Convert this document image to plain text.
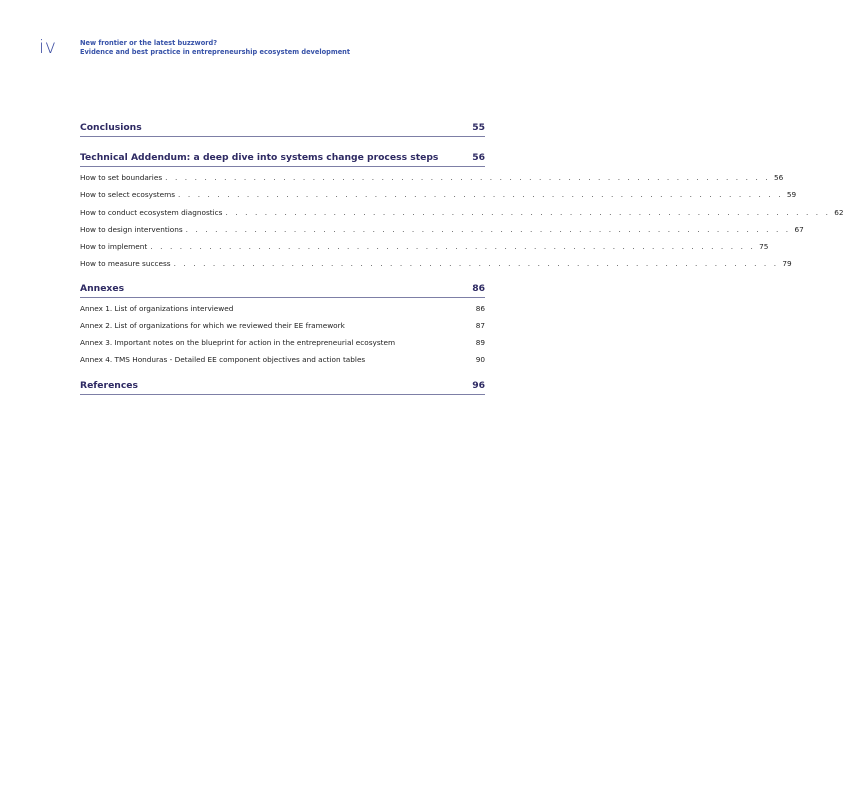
iv	New frontier or the latest buzzword?
Evidence and best practice in entrepreneurship ecosystem development
Conclusions	55
Technical Addendum: a deep dive into systems change process steps	56
How to set boundaries . . . . . . . . . . . . . . . . . . . . . . . . . . . . . . . . . . . . . . . . . . . . . . . . . . . . . . . . . . . . . . 56
How to select ecosystems . . . . . . . . . . . . . . . . . . . . . . . . . . . . . . . . . . . . . . . . . . . . . . . . . . . . . . . . . . . . . . 59
How to conduct ecosystem diagnostics . . . . . . . . . . . . . . . . . . . . . . . . . . . . . . . . . . . . . . . . . . . . . . . . . . . . . . . . . . . . . . 62
How to design interventions . . . . . . . . . . . . . . . . . . . . . . . . . . . . . . . . . . . . . . . . . . . . . . . . . . . . . . . . . . . . . . 67
How to implement . . . . . . . . . . . . . . . . . . . . . . . . . . . . . . . . . . . . . . . . . . . . . . . . . . . . . . . . . . . . . . 75
How to measure success . . . . . . . . . . . . . . . . . . . . . . . . . . . . . . . . . . . . . . . . . . . . . . . . . . . . . . . . . . . . . . 79
Annexes	86
Annex 1. List of organizations interviewed	86
Annex 2. List of organizations for which we reviewed their EE framework	87
Annex 3. Important notes on the blueprint for action in the entrepreneurial ecosystem	89
Annex 4. TMS Honduras - Detailed EE component objectives and action tables	90
References	96
